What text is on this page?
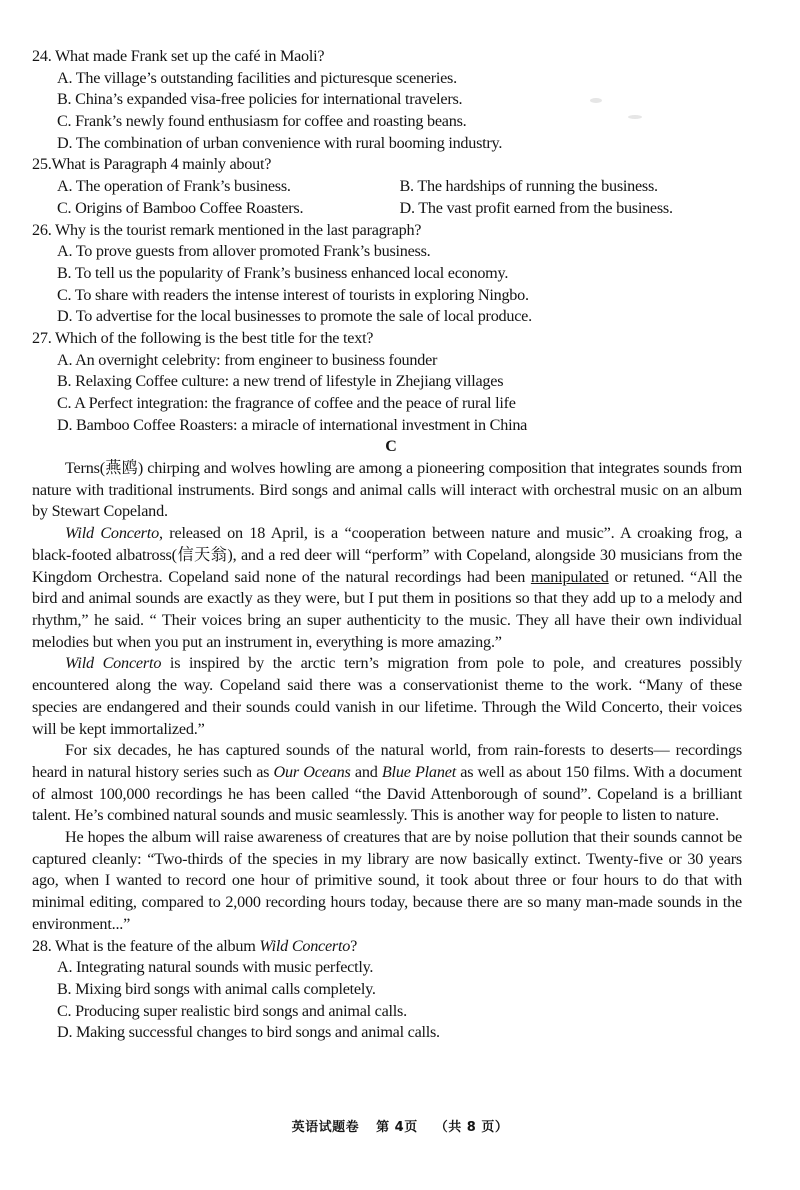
24. What made Frank set up the café in Maoli?
A. The village’s outstanding facilities and picturesque sceneries.
B. China’s expanded visa-free policies for international travelers.
C. Frank’s newly found enthusiasm for coffee and roasting beans.
D. The combination of urban convenience with rural booming industry.
25.What is Paragraph 4 mainly about?
A. The operation of Frank’s business.	B. The hardships of running the business.
C. Origins of Bamboo Coffee Roasters.	D. The vast profit earned from the business.
26. Why is the tourist remark mentioned in the last paragraph?
A. To prove guests from allover promoted Frank’s business.
B. To tell us the popularity of Frank’s business enhanced local economy.
C. To share with readers the intense interest of tourists in exploring Ningbo.
D. To advertise for the local businesses to promote the sale of local produce.
27. Which of the following is the best title for the text?
A. An overnight celebrity: from engineer to business founder
B. Relaxing Coffee culture: a new trend of lifestyle in Zhejiang villages
C. A Perfect integration: the fragrance of coffee and the peace of rural life
D. Bamboo Coffee Roasters: a miracle of international investment in China
C

Terns(燕鸥) chirping and wolves howling are among a pioneering composition that integrates sounds from nature with traditional instruments. Bird songs and animal calls will interact with orchestral music on an album by Stewart Copeland.

Wild Concerto, released on 18 April, is a “cooperation between nature and music”. A croaking frog, a black-footed albatross(信天翁), and a red deer will “perform” with Copeland, alongside 30 musicians from the Kingdom Orchestra. Copeland said none of the natural recordings had been manipulated or retuned. “All the bird and animal sounds are exactly as they were, but I put them in positions so that they add up to a melody and rhythm,” he said. “ Their voices bring an super authenticity to the music. They all have their own individual melodies but when you put an instrument in, everything is more amazing.”

Wild Concerto is inspired by the arctic tern’s migration from pole to pole, and creatures possibly encountered along the way. Copeland said there was a conservationist theme to the work. “Many of these species are endangered and their sounds could vanish in our lifetime. Through the Wild Concerto, their voices will be kept immortalized.”

For six decades, he has captured sounds of the natural world, from rain-forests to deserts— recordings heard in natural history series such as Our Oceans and Blue Planet as well as about 150 films. With a document of almost 100,000 recordings he has been called “the David Attenborough of sound”. Copeland is a brilliant talent. He’s combined natural sounds and music seamlessly. This is another way for people to listen to nature.

He hopes the album will raise awareness of creatures that are by noise pollution that their sounds cannot be captured cleanly: “Two-thirds of the species in my library are now basically extinct. Twenty-five or 30 years ago, when I wanted to record one hour of primitive sound, it took about three or four hours to do that with minimal editing, compared to 2,000 recording hours today, because there are so many man-made sounds in the environment...”

28. What is the feature of the album Wild Concerto?
A. Integrating natural sounds with music perfectly.
B. Mixing bird songs with animal calls completely.
C. Producing super realistic bird songs and animal calls.
D. Making successful changes to bird songs and animal calls.
英语试题卷 第 4页 （共 8 页）
